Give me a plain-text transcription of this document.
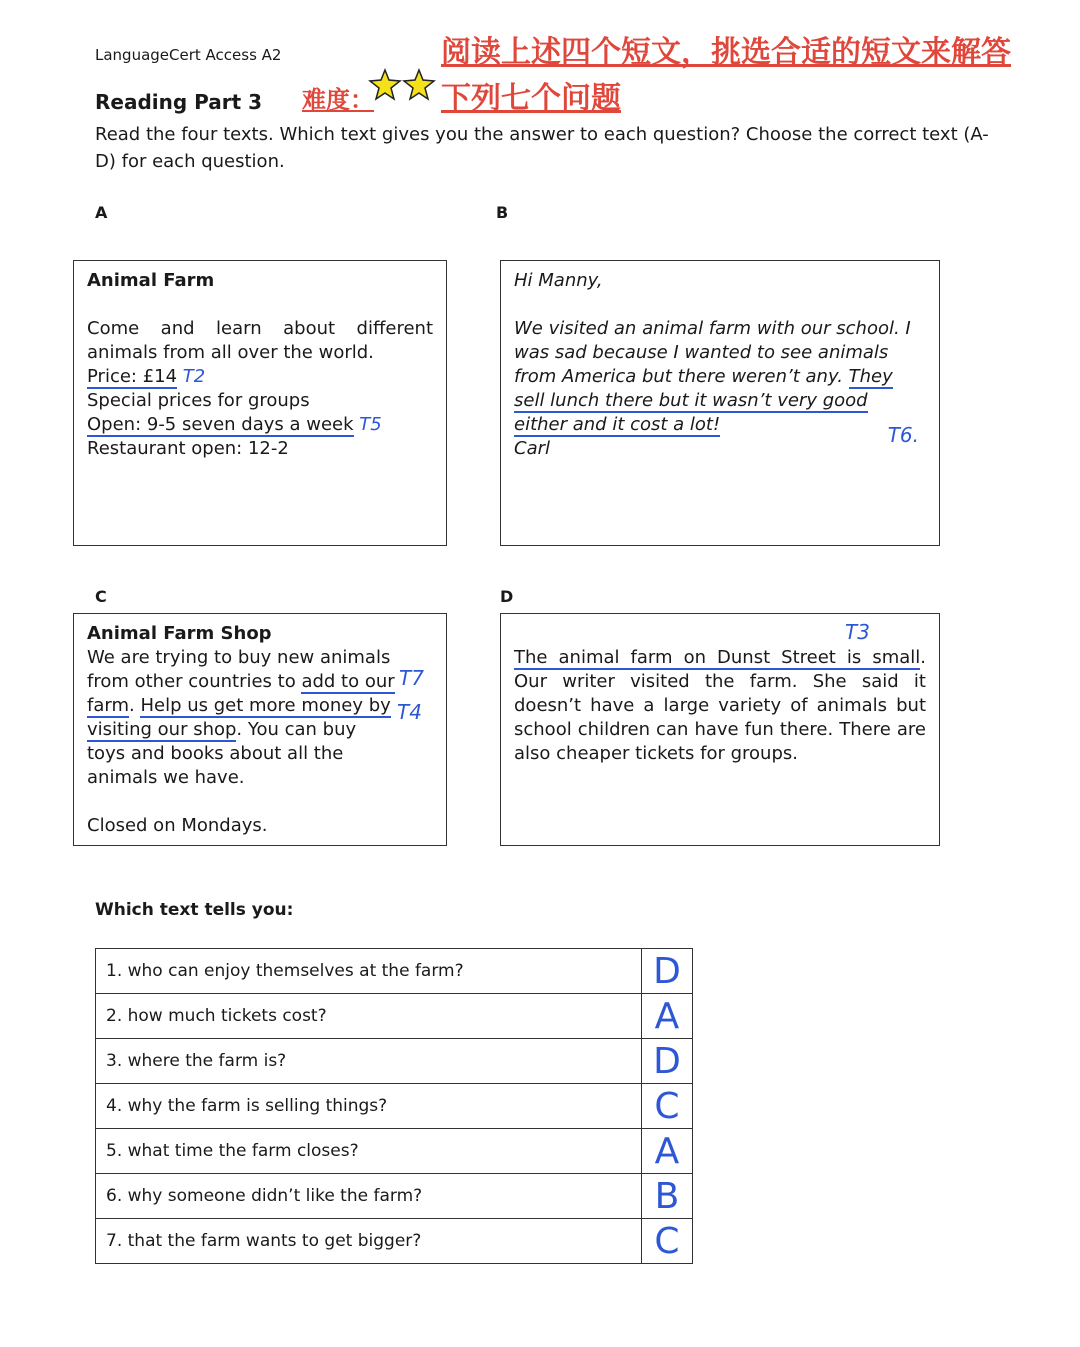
LanguageCert Access A2
Reading Part 3 难度：
阅读上述四个短文，挑选合适的短文来解答下列七个问题
Read the four texts. Which text gives you the answer to each question? Choose the correct text (A-D) for each question.
A	B
C	D
Animal Farm
Come and learn about different animals from all over the world.
Price: £14 T2
Special prices for groups
Open: 9-5 seven days a week T5
Restaurant open: 12-2
Hi Manny,
We visited an animal farm with our school. I was sad because I wanted to see animals from America but there weren’t any. They sell lunch there but it wasn’t very good either and it cost a lot!
Carl
T6.
Animal Farm Shop
We are trying to buy new animals from other countries to add to our farm. Help us get more money by visiting our shop. You can buy toys and books about all the animals we have.
Closed on Mondays.
T7
T4
The animal farm on Dunst Street is small. Our writer visited the farm. She said it doesn’t have a large variety of animals but school children can have fun there. There are also cheaper tickets for groups.
T3
Which text tells you:
1. who can enjoy themselves at the farm?	D
2. how much tickets cost?	A
3. where the farm is?	D
4. why the farm is selling things?	C
5. what time the farm closes?	A
6. why someone didn’t like the farm?	B
7. that the farm wants to get bigger?	C
